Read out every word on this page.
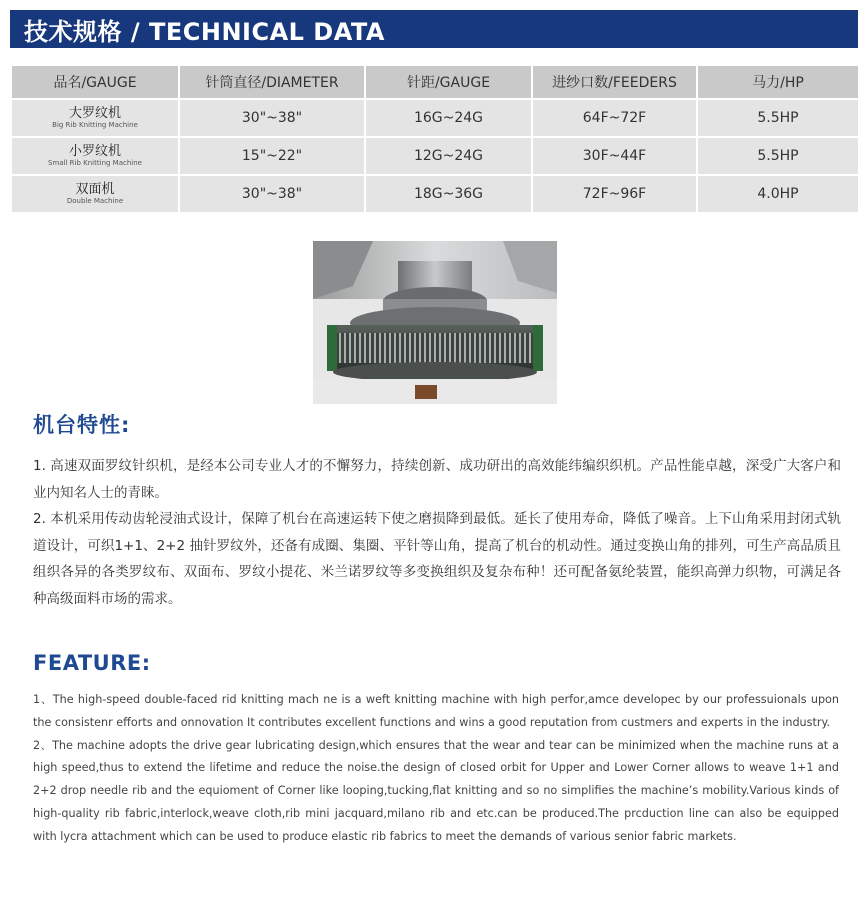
技术规格 / TECHNICAL DATA
品名/GAUGE	针筒直径/DIAMETER	针距/GAUGE	进纱口数/FEEDERS	马力/HP

大罗纹机
Big Rib Knitting Machine	30"~38"	16G~24G	64F~72F	5.5HP

小罗纹机
Small Rib Knitting Machine	15"~22"	12G~24G	30F~44F	5.5HP

双面机
Double Machine	30"~38"	18G~36G	72F~96F	4.0HP
机台特性:

1. 高速双面罗纹针织机，是经本公司专业人才的不懈努力，持续创新、成功研出的高效能纬编织织机。产品性能卓越，深受广大客户和业内知名人士的青睐。

2. 本机采用传动齿轮浸油式设计，保障了机台在高速运转下使之磨损降到最低。延长了使用寿命，降低了噪音。上下山角采用封闭式轨道设计，可织1+1、2+2 抽针罗纹外，还备有成圈、集圈、平针等山角，提高了机台的机动性。通过变换山角的排列，可生产高品质且组织各异的各类罗纹布、双面布、罗纹小提花、米兰诺罗纹等多变换组织及复杂布种！还可配备氨纶装置，能织高弹力织物，可满足各种高级面料市场的需求。

FEATURE:

1、The high-speed double-faced rid knitting mach ne is a weft knitting machine with high perfor,amce developec by our professuionals upon the consistenr efforts and onnovation It contributes excellent functions and wins a good reputation from custmers and experts in the industry.

2、The machine adopts the drive gear lubricating design,which ensures that the wear and tear can be minimized when the machine runs at a high speed,thus to extend the lifetime and reduce the noise.the design of closed orbit for Upper and Lower Corner allows to weave 1+1 and 2+2 drop needle rib and the equioment of Corner like looping,tucking,flat knitting and so no simplifies the machine’s mobility.Various kinds of high-quality rib fabric,interlock,weave cloth,rib mini jacquard,milano rib and etc.can be produced.The prcduction line can also be equipped with lycra attachment which can be used to produce elastic rib fabrics to meet the demands of various senior fabric markets.
